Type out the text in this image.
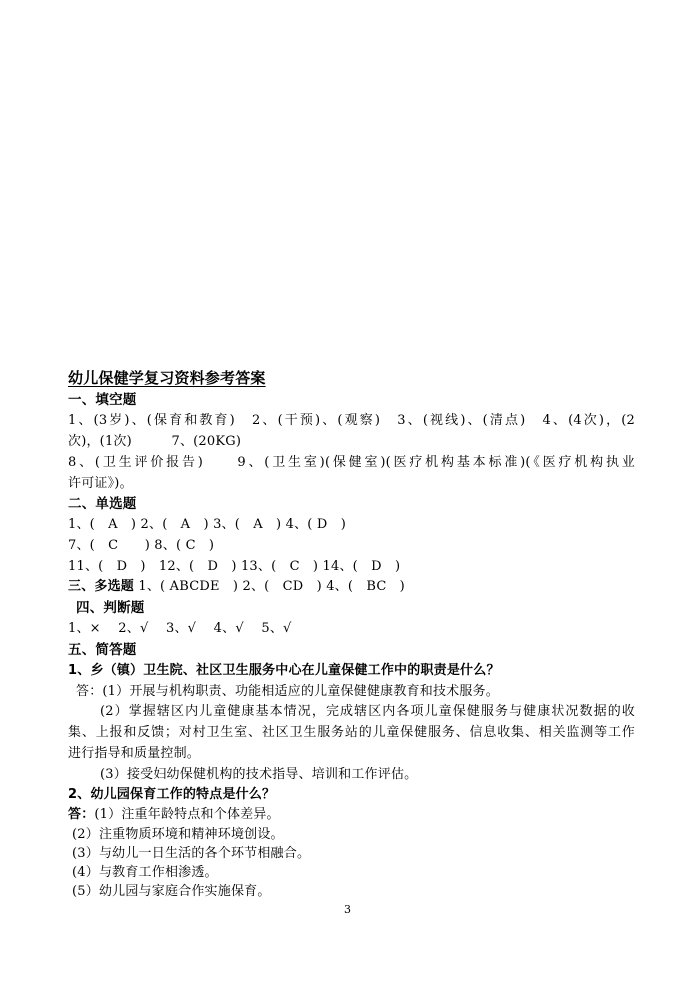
幼儿保健学复习资料参考答案
一、填空题
1、(3岁)、(保育和教育)　2、(干预)、(观察)　3、(视线)、(清点)　4、(4次)，(2
次)，(1次)　　　7、(20KG)
8、(卫生评价报告)　　9、(卫生室)(保健室)(医疗机构基本标准)(《医疗机构执业
许可证》)。
二、单选题
1、(　A　) 2、(　A　) 3、(　A　) 4、( D　)
7、(　C　　) 8、( C　)
11、(　D　)　12、(　D　) 13、(　C　) 14、(　D　)
三、多选题 1、( ABCDE　) 2、(　CD　) 4、(　BC　)
四、判断题
1、×　 2、√　 3、√　 4、√　 5、√
五、简答题
1、乡（镇）卫生院、社区卫生服务中心在儿童保健工作中的职责是什么？
答：(1）开展与机构职责、功能相适应的儿童保健健康教育和技术服务。
(2）掌握辖区内儿童健康基本情况，完成辖区内各项儿童保健服务与健康状况数据的收
集、上报和反馈；对村卫生室、社区卫生服务站的儿童保健服务、信息收集、相关监测等工作
进行指导和质量控制。
(3）接受妇幼保健机构的技术指导、培训和工作评估。
2、幼儿园保育工作的特点是什么？
答：(1）注重年龄特点和个体差异。
(2）注重物质环境和精神环境创设。
(3）与幼儿一日生活的各个环节相融合。
(4）与教育工作相渗透。
(5）幼儿园与家庭合作实施保育。
3
